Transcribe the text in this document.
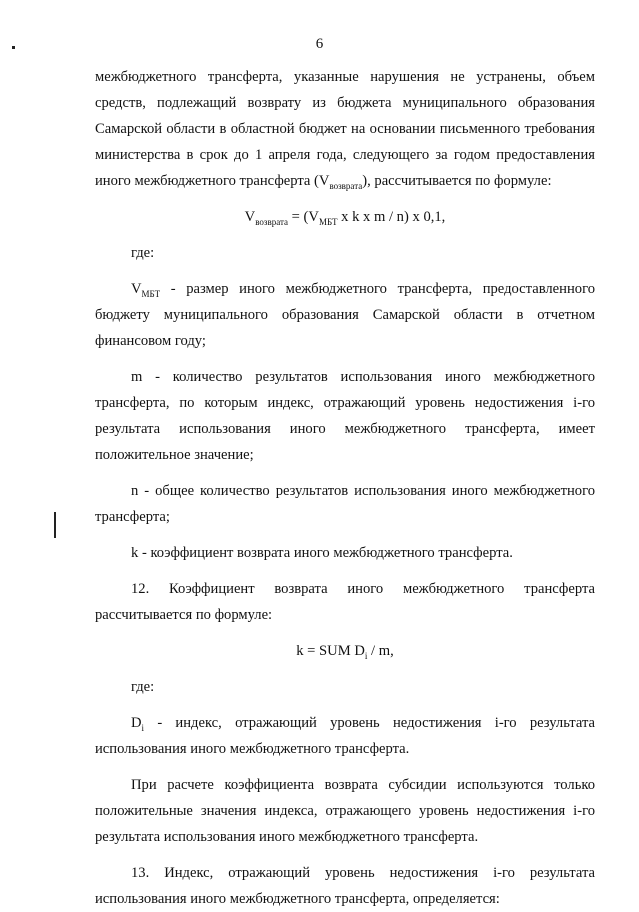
6

межбюджетного трансферта, указанные нарушения не устранены, объем средств, подлежащий возврату из бюджета муниципального образования Самарской области в областной бюджет на основании письменного требования министерства в срок до 1 апреля года, следующего за годом предоставления иного межбюджетного трансферта $(V_{возврата})$, рассчитывается по формуле:

$V_{возврата} = (V_{МБТ}$ x k x m / n) x 0,1,

где:

$V_{МБТ}$ - размер иного межбюджетного трансферта, предоставленного бюджету муниципального образования Самарской области в отчетном финансовом году;

m - количество результатов использования иного межбюджетного трансферта, по которым индекс, отражающий уровень недостижения i-го результата использования иного межбюджетного трансферта, имеет положительное значение;

n - общее количество результатов использования иного межбюджетного трансферта;

k - коэффициент возврата иного межбюджетного трансферта.

12. Коэффициент возврата иного межбюджетного трансферта рассчитывается по формуле:

k = SUM $D_i$ / m,

где:

$D_i$ - индекс, отражающий уровень недостижения i-го результата использования иного межбюджетного трансферта.

При расчете коэффициента возврата субсидии используются только положительные значения индекса, отражающего уровень недостижения i-го результата использования иного межбюджетного трансферта.

13. Индекс, отражающий уровень недостижения i-го результата использования иного межбюджетного трансферта, определяется:
